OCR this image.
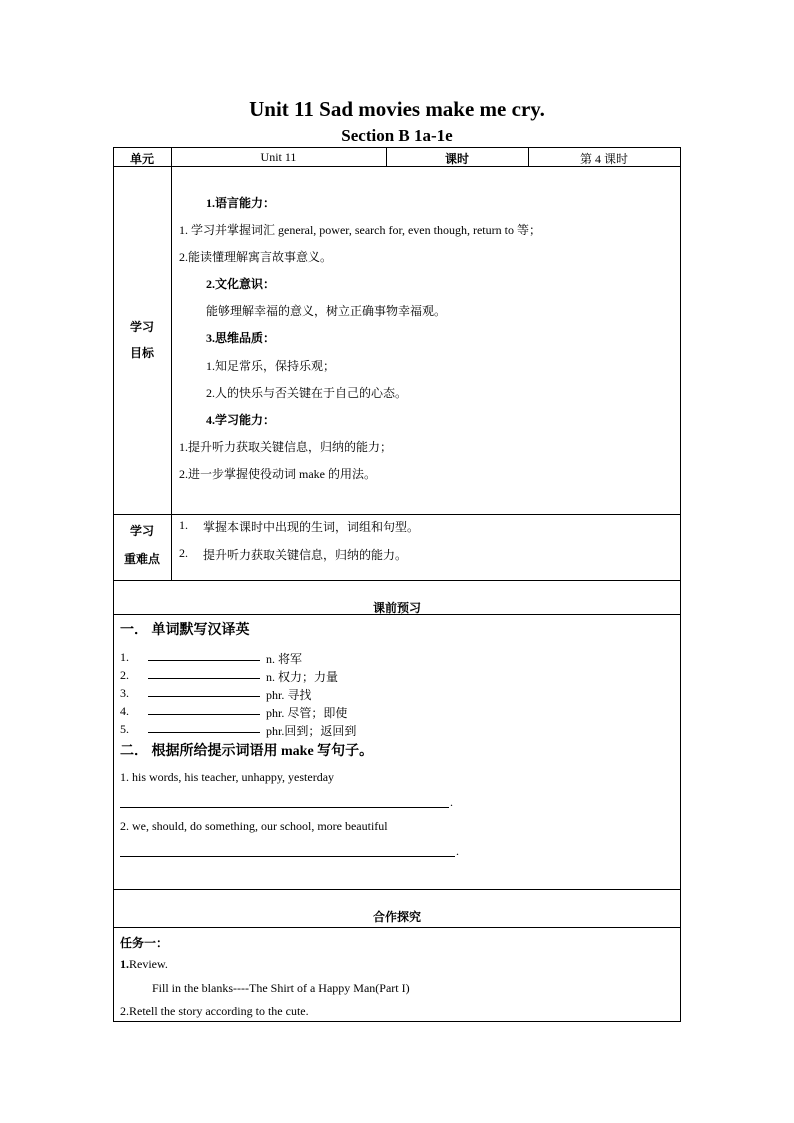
Unit 11 Sad movies make me cry.
Section B 1a-1e
单元	Unit 11	课时	第 4 课时
学习
目标
1.语言能力：
1. 学习并掌握词汇 general, power, search for, even though, return to 等；
2.能读懂理解寓言故事意义。
2.文化意识：
能够理解幸福的意义，树立正确事物幸福观。
3.思维品质：
1.知足常乐，保持乐观；
2.人的快乐与否关键在于自己的心态。
4.学习能力：
1.提升听力获取关键信息，归纳的能力；
2.进一步掌握使役动词 make 的用法。
学习
重难点
1. 掌握本课时中出现的生词，词组和句型。
2. 提升听力获取关键信息，归纳的能力。
课前预习
一． 单词默写汉译英
1.	n. 将军
2.	n. 权力；力量
3.	phr. 寻找
4.	phr. 尽管；即使
5.	phr.回到；返回到
二． 根据所给提示词语用 make 写句子。
1. his words, his teacher, unhappy, yesterday
.
2. we, should, do something, our school, more beautiful
.
合作探究
任务一：
1.Review.
Fill in the blanks----The Shirt of a Happy Man(Part I)
2.Retell the story according to the cute.
